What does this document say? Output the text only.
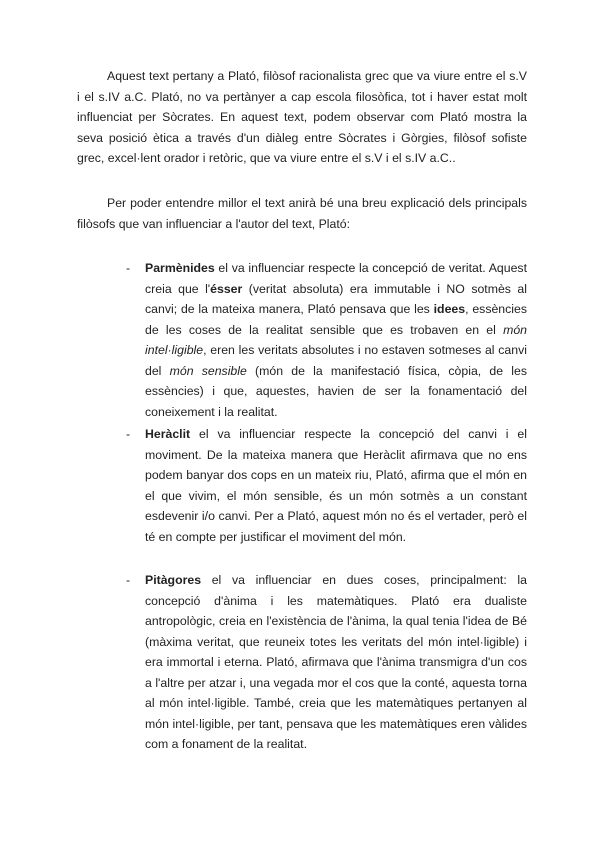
Aquest text pertany a Plató, filòsof racionalista grec que va viure entre el s.V i el s.IV a.C. Plató, no va pertànyer a cap escola filosòfica, tot i haver estat molt influenciat per Sòcrates. En aquest text, podem observar com Plató mostra la seva posició ètica a través d'un diàleg entre Sòcrates i Gòrgies, filòsof sofiste grec, excel·lent orador i retòric, que va viure entre el s.V i el s.IV a.C..

Per poder entendre millor el text anirà bé una breu explicació dels principals filòsofs que van influenciar a l'autor del text, Plató:

- Parmènides el va influenciar respecte la concepció de veritat. Aquest creia que l'ésser (veritat absoluta) era immutable i NO sotmès al canvi; de la mateixa manera, Plató pensava que les idees, essències de les coses de la realitat sensible que es trobaven en el món intel·ligible, eren les veritats absolutes i no estaven sotmeses al canvi del món sensible (món de la manifestació física, còpia, de les essències) i que, aquestes, havien de ser la fonamentació del coneixement i la realitat.

- Heràclit el va influenciar respecte la concepció del canvi i el moviment. De la mateixa manera que Heràclit afirmava que no ens podem banyar dos cops en un mateix riu, Plató, afirma que el món en el que vivim, el món sensible, és un món sotmès a un constant esdevenir i/o canvi. Per a Plató, aquest món no és el vertader, però el té en compte per justificar el moviment del món.

- Pitàgores el va influenciar en dues coses, principalment: la concepció d'ànima i les matemàtiques. Plató era dualiste antropològic, creia en l'existència de l'ànima, la qual tenia l'idea de Bé (màxima veritat, que reuneix totes les veritats del món intel·ligible) i era immortal i eterna. Plató, afirmava que l'ànima transmigra d'un cos a l'altre per atzar i, una vegada mor el cos que la conté, aquesta torna al món intel·ligible. També, creia que les matemàtiques pertanyen al món intel·ligible, per tant, pensava que les matemàtiques eren vàlides com a fonament de la realitat.
